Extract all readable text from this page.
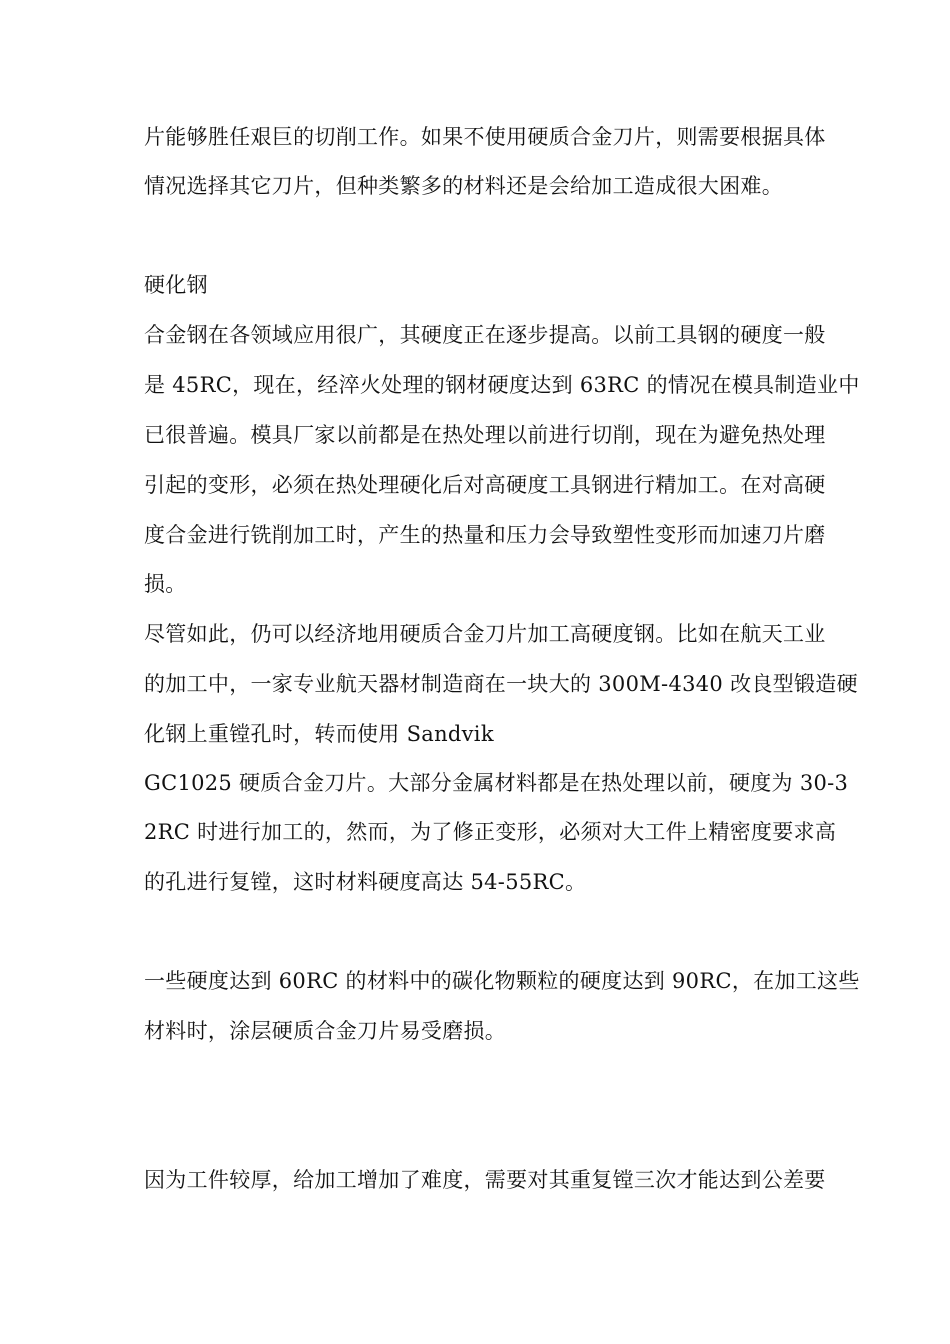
片能够胜任艰巨的切削工作。如果不使用硬质合金刀片，则需要根据具体
情况选择其它刀片，但种类繁多的材料还是会给加工造成很大困难。
硬化钢
合金钢在各领域应用很广，其硬度正在逐步提高。以前工具钢的硬度一般
是 45RC，现在，经淬火处理的钢材硬度达到 63RC 的情况在模具制造业中
已很普遍。模具厂家以前都是在热处理以前进行切削，现在为避免热处理
引起的变形，必须在热处理硬化后对高硬度工具钢进行精加工。在对高硬
度合金进行铣削加工时，产生的热量和压力会导致塑性变形而加速刀片磨
损。
尽管如此，仍可以经济地用硬质合金刀片加工高硬度钢。比如在航天工业
的加工中，一家专业航天器材制造商在一块大的 300M-4340 改良型锻造硬
化钢上重镗孔时，转而使用 Sandvik
GC1025 硬质合金刀片。大部分金属材料都是在热处理以前，硬度为 30-3
2RC 时进行加工的，然而，为了修正变形，必须对大工件上精密度要求高
的孔进行复镗，这时材料硬度高达 54-55RC。
一些硬度达到 60RC 的材料中的碳化物颗粒的硬度达到 90RC，在加工这些
材料时，涂层硬质合金刀片易受磨损。
因为工件较厚，给加工增加了难度，需要对其重复镗三次才能达到公差要
